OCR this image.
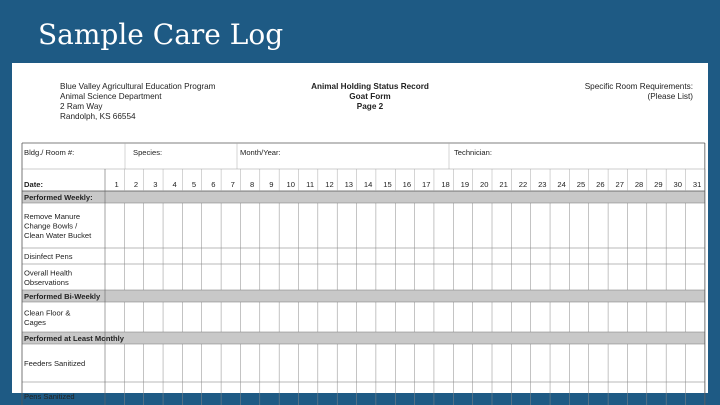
Sample Care Log
Blue Valley Agricultural Education Program
Animal Science Department
2 Ram Way
Randolph, KS 66554
Animal Holding Status Record
Goat Form
Page 2
Specific Room Requirements:
(Please List)
Bldg./ Room #:	Species:	Month/Year:	Technician:
Date:	1 2 3 4 5 6 7 8 9 10 11 12 13 14 15 16 17 18 19 20 21 22 23 24 25 26 27 28 29 30 31
Performed Weekly:
Remove Manure
Change Bowls /
Clean Water Bucket
Disinfect Pens
Overall Health
Observations
Performed Bi-Weekly
Clean Floor &
Cages
Performed at Least Monthly
Feeders Sanitized
Pens Sanitized
